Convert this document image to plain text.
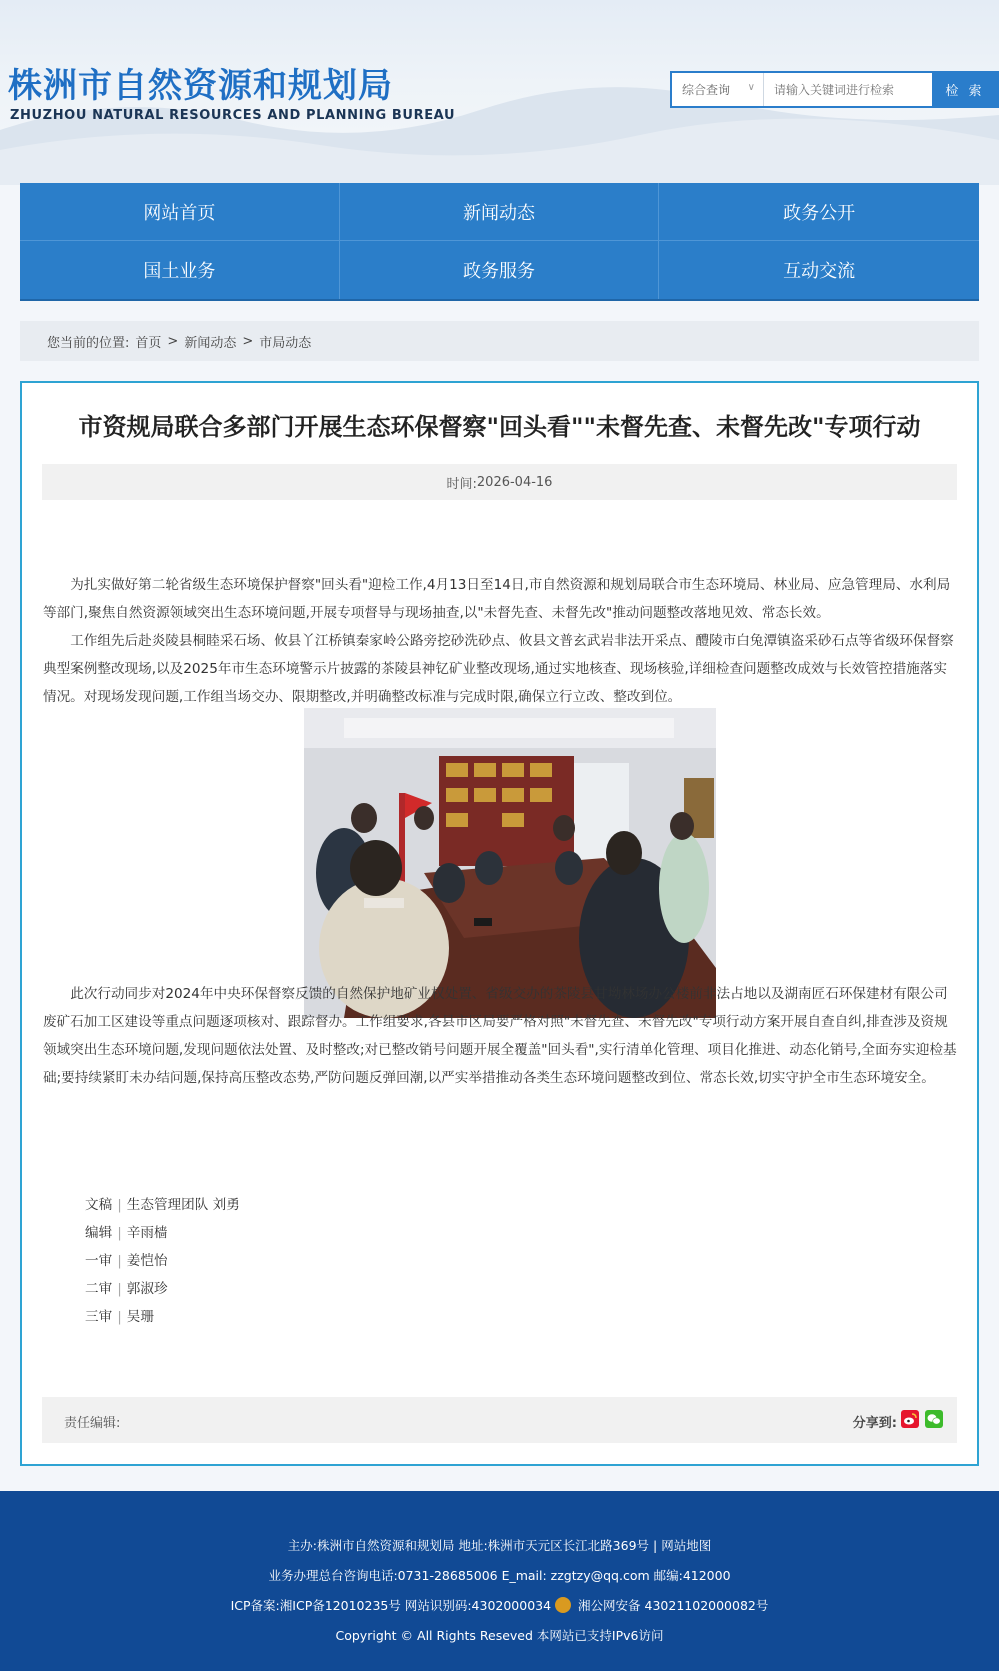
株洲市自然资源和规划局
ZHUZHOU NATURAL RESOURCES AND PLANNING BUREAU
综合查询 ∨
请输入关键词进行检索	检 索
网站首页	新闻动态	政务公开
国土业务	政务服务	互动交流
您当前的位置: 首页 > 新闻动态 > 市局动态
市资规局联合多部门开展生态环保督察"回头看""未督先查、未督先改"专项行动
时间: 2026-04-16

为扎实做好第二轮省级生态环境保护督察"回头看"迎检工作,4月13日至14日,市自然资源和规划局联合市生态环境局、林业局、应急管理局、水利局等部门,聚焦自然资源领域突出生态环境问题,开展专项督导与现场抽查,以"未督先查、未督先改"推动问题整改落地见效、常态长效。

工作组先后赴炎陵县桐睦采石场、攸县丫江桥镇秦家岭公路旁挖砂洗砂点、攸县文普玄武岩非法开采点、醴陵市白兔潭镇盗采砂石点等省级环保督察典型案例整改现场,以及2025年市生态环境警示片披露的茶陵县神钇矿业整改现场,通过实地核查、现场核验,详细检查问题整改成效与长效管控措施落实情况。对现场发现问题,工作组当场交办、限期整改,并明确整改标准与完成时限,确保立行立改、整改到位。

此次行动同步对2024年中央环保督察反馈的自然保护地矿业权处置、省级交办的茶陵县甘坳林场办公楼前非法占地以及湖南匠石环保建材有限公司废矿石加工区建设等重点问题逐项核对、跟踪督办。工作组要求,各县市区局要严格对照"未督先查、未督先改"专项行动方案开展自查自纠,排查涉及资规领域突出生态环境问题,发现问题依法处置、及时整改;对已整改销号问题开展全覆盖"回头看",实行清单化管理、项目化推进、动态化销号,全面夯实迎检基础;要持续紧盯未办结问题,保持高压整改态势,严防问题反弹回潮,以严实举措推动各类生态环境问题整改到位、常态长效,切实守护全市生态环境安全。

文稿 | 生态管理团队 刘勇
编辑 | 辛雨樯
一审 | 姜恺怡
二审 | 郭淑珍
三审 | 吴珊
责任编辑:	分享到:
主办:株洲市自然资源和规划局 地址:株洲市天元区长江北路369号 | 网站地图
业务办理总台咨询电话:0731-28685006 E_mail: zzgtzy@qq.com 邮编:412000
ICP备案:湘ICP备12010235号 网站识别码:4302000034 湘公网安备 43021102000082号
Copyright © All Rights Reseved 本网站已支持IPv6访问
